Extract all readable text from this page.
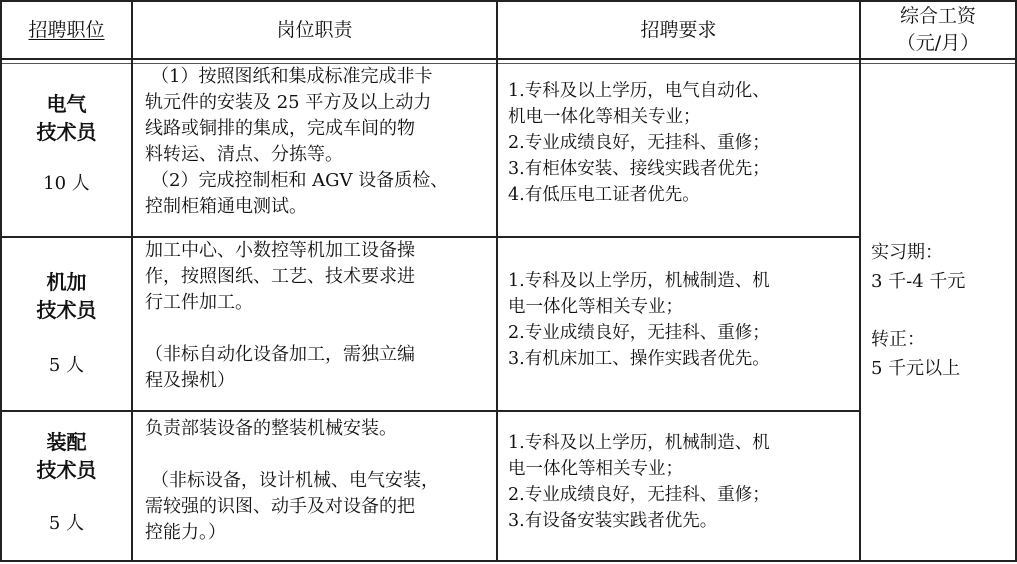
招聘职位	岗位职责	招聘要求
综合工资
（元/月）
电气
技术员
10 人
（1）按照图纸和集成标准完成非卡
轨元件的安装及 25 平方及以上动力
线路或铜排的集成，完成车间的物
料转运、清点、分拣等。
（2）完成控制柜和 AGV 设备质检、
控制柜箱通电测试。
1.专科及以上学历，电气自动化、
机电一体化等相关专业；
2.专业成绩良好，无挂科、重修；
3.有柜体安装、接线实践者优先；
4.有低压电工证者优先。
机加
技术员
5 人
加工中心、小数控等机加工设备操
作，按照图纸、工艺、技术要求进
行工件加工。
（非标自动化设备加工，需独立编
程及操机）
1.专科及以上学历，机械制造、机
电一体化等相关专业；
2.专业成绩良好，无挂科、重修；
3.有机床加工、操作实践者优先。
装配
技术员
5 人
负责部装设备的整装机械安装。
（非标设备，设计机械、电气安装，
需较强的识图、动手及对设备的把
控能力。）
1.专科及以上学历，机械制造、机
电一体化等相关专业；
2.专业成绩良好，无挂科、重修；
3.有设备安装实践者优先。
实习期：
3 千-4 千元
转正：
5 千元以上
